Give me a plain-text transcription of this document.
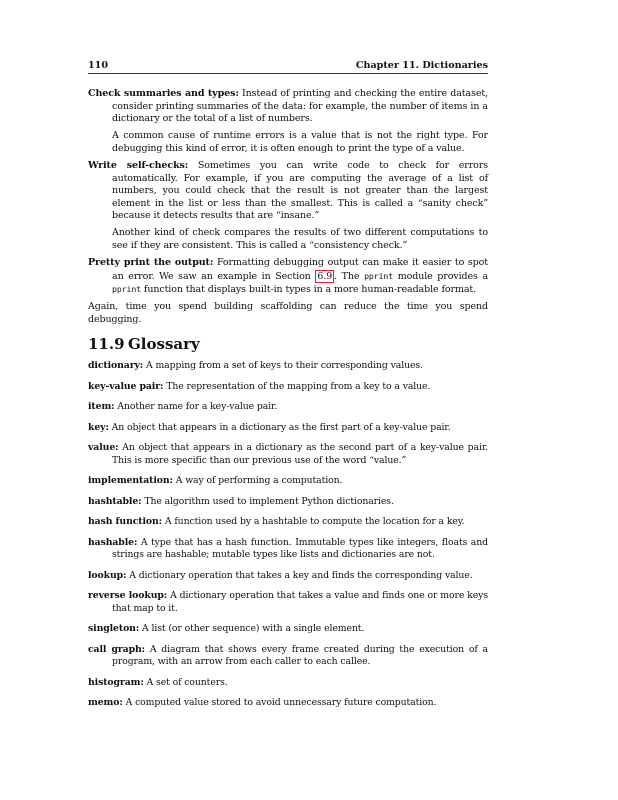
110	Chapter 11. Dictionaries

Check summaries and types: Instead of printing and checking the entire dataset, consider printing summaries of the data: for example, the number of items in a dictionary or the total of a list of numbers.

A common cause of runtime errors is a value that is not the right type. For debugging this kind of error, it is often enough to print the type of a value.

Write self-checks: Sometimes you can write code to check for errors automatically. For example, if you are computing the average of a list of numbers, you could check that the result is not greater than the largest element in the list or less than the smallest. This is called a “sanity check” because it detects results that are “insane.”

Another kind of check compares the results of two different computations to see if they are consistent. This is called a “consistency check.”

Pretty print the output: Formatting debugging output can make it easier to spot an error. We saw an example in Section 6.9 . The pprint module provides a pprint function that displays built-in types in a more human-readable format.

Again, time you spend building scaffolding can reduce the time you spend debugging.

11.9 Glossary

dictionary: A mapping from a set of keys to their corresponding values.

key-value pair: The representation of the mapping from a key to a value.

item: Another name for a key-value pair.

key: An object that appears in a dictionary as the first part of a key-value pair.

value: An object that appears in a dictionary as the second part of a key-value pair. This is more specific than our previous use of the word “value.”

implementation: A way of performing a computation.

hashtable: The algorithm used to implement Python dictionaries.

hash function: A function used by a hashtable to compute the location for a key.

hashable: A type that has a hash function. Immutable types like integers, floats and strings are hashable; mutable types like lists and dictionaries are not.

lookup: A dictionary operation that takes a key and finds the corresponding value.

reverse lookup: A dictionary operation that takes a value and finds one or more keys that map to it.

singleton: A list (or other sequence) with a single element.

call graph: A diagram that shows every frame created during the execution of a program, with an arrow from each caller to each callee.

histogram: A set of counters.

memo: A computed value stored to avoid unnecessary future computation.
